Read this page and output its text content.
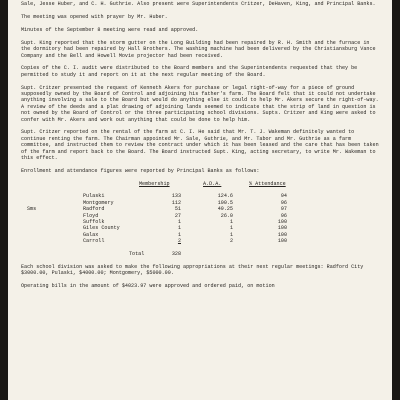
Sale, Jesse Huber, and C. H. Guthrie. Also present were Superintendents Critzer, DeHaven, King, and Principal Banks.

The meeting was opened with prayer by Mr. Huber.

Minutes of the September 8 meeting were read and approved.

Supt. King reported that the storm gutter on the Long Building had been repaired by R. H. Smith and the furnace in the dormitory had been repaired by Hall Brothers. The washing machine had been delivered by the Christiansburg Vance Company and the Bell and Howell Movie projector had been received.

Copies of the C. I. audit were distributed to the Board members and the Superintendents requested that they be permitted to study it and report on it at the next regular meeting of the Board.

Supt. Critzer presented the request of Kenneth Akers for purchase or legal right-of-way for a piece of ground supposedly owned by the Board of Control and adjoining his father's farm. The Board felt that it could not undertake anything involving a sale to the Board but would do anything else it could to help Mr. Akers secure the right-of-way. A review of the deeds and a plat drawing of adjoining lands seemed to indicate that the strip of land in question is not owned by the Board of Control or the three participating school divisions. Supts. Critzer and King were asked to confer with Mr. Akers and work out anything that could be done to help him.

Supt. Critzer reported on the rental of the farm at C. I. He said that Mr. T. J. Wakeman definitely wanted to continue renting the farm. The Chairman appointed Mr. Sale, Guthrie, and Mr. Tabor and Mr. Guthrie as a farm committee, and instructed them to review the contract under which it has been leased and the care that has been taken of the farm and report back to the Board. The Board instructed Supt. King, acting secretary, to write Mr. Wakeman to this effect.

Enrollment and attendance figures were reported by Principal Banks as follows:

Membership	A.D.A.	% Attendance
Pulaski	133	124.6	94
Montgomery	112	100.5	96
Sms	Radford	51	49.25	97
Floyd	27	26.0	96
Suffolk	1	1	100
Giles County	1	1	100
Galax	1	1	100
Carroll	2	2	100
Total	328

Each school division was asked to make the following appropriations at their next regular meetings: Radford City $3000.00, Pulaski, $4000.00; Montgomery, $5000.00.

Operating bills in the amount of $4023.97 were approved and ordered paid, on motion
